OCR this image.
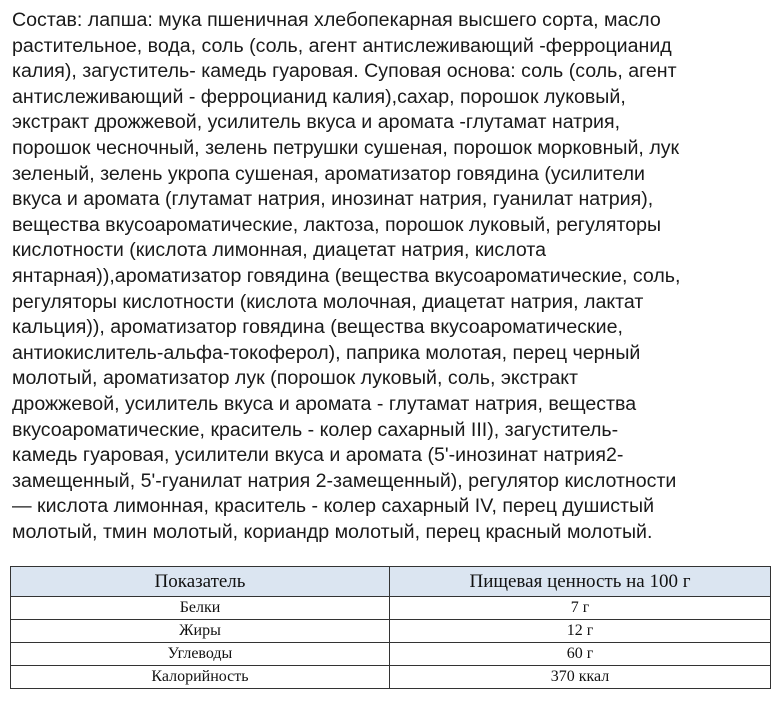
Состав: лапша: мука пшеничная хлебопекарная высшего сорта, масло
растительное, вода, соль (соль, агент антислеживающий -ферроцианид
калия), загуститель- камедь гуаровая. Суповая основа: соль (соль, агент
антислеживающий - ферроцианид калия),сахар, порошок луковый,
экстракт дрожжевой, усилитель вкуса и аромата -глутамат натрия,
порошок чесночный, зелень петрушки сушеная, порошок морковный, лук
зеленый, зелень укропа сушеная, ароматизатор говядина (усилители
вкуса и аромата (глутамат натрия, инозинат натрия, гуанилат натрия),
вещества вкусоароматические, лактоза, порошок луковый, регуляторы
кислотности (кислота лимонная, диацетат натрия, кислота
янтарная)),ароматизатор говядина (вещества вкусоароматические, соль,
регуляторы кислотности (кислота молочная, диацетат натрия, лактат
кальция)), ароматизатор говядина (вещества вкусоароматические,
антиокислитель-альфа-токоферол), паприка молотая, перец черный
молотый, ароматизатор лук (порошок луковый, соль, экстракт
дрожжевой, усилитель вкуса и аромата - глутамат натрия, вещества
вкусоароматические, краситель - колер сахарный III), загуститель-
камедь гуаровая, усилители вкуса и аромата (5'-инозинат натрия2-
замещенный, 5'-гуанилат натрия 2-замещенный), регулятор кислотности
— кислота лимонная, краситель - колер сахарный IV, перец душистый
молотый, тмин молотый, кориандр молотый, перец красный молотый.

Показатель	Пищевая ценность на 100 г
Белки	7 г
Жиры	12 г
Углеводы	60 г
Калорийность	370 ккал
